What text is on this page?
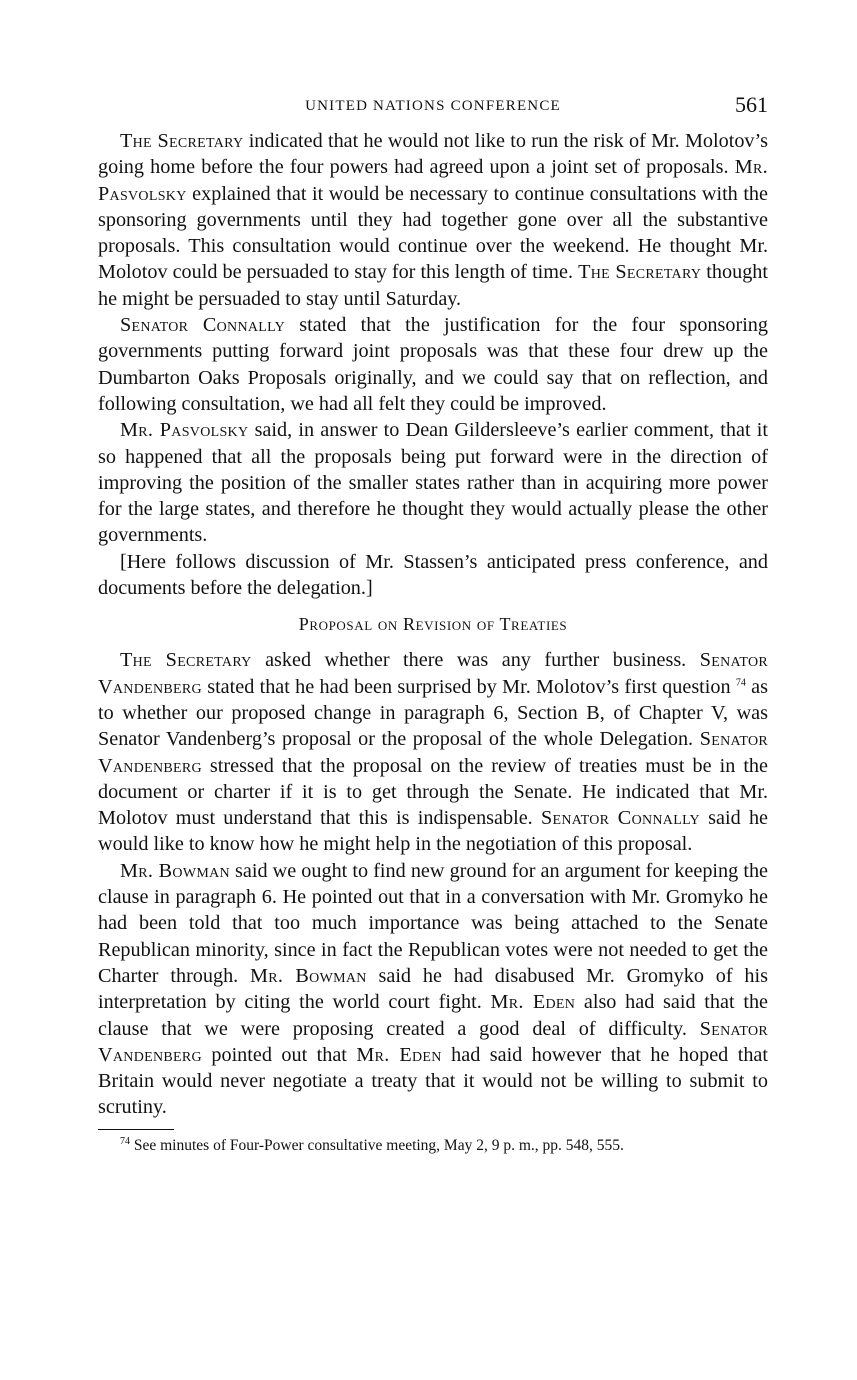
UNITED NATIONS CONFERENCE	561

The Secretary indicated that he would not like to run the risk of Mr. Molotov’s going home before the four powers had agreed upon a joint set of proposals. Mr. Pasvolsky explained that it would be necessary to continue consultations with the sponsoring governments until they had together gone over all the substantive proposals. This consultation would continue over the weekend. He thought Mr. Molotov could be persuaded to stay for this length of time. The Secretary thought he might be persuaded to stay until Saturday.

Senator Connally stated that the justification for the four sponsoring governments putting forward joint proposals was that these four drew up the Dumbarton Oaks Proposals originally, and we could say that on reflection, and following consultation, we had all felt they could be improved.

Mr. Pasvolsky said, in answer to Dean Gildersleeve’s earlier comment, that it so happened that all the proposals being put forward were in the direction of improving the position of the smaller states rather than in acquiring more power for the large states, and therefore he thought they would actually please the other governments.

[Here follows discussion of Mr. Stassen’s anticipated press conference, and documents before the delegation.]

Proposal on Revision of Treaties

The Secretary asked whether there was any further business. Senator Vandenberg stated that he had been surprised by Mr. Molotov’s first question $^{74}$ as to whether our proposed change in paragraph 6, Section B, of Chapter V, was Senator Vandenberg’s proposal or the proposal of the whole Delegation. Senator Vandenberg stressed that the proposal on the review of treaties must be in the document or charter if it is to get through the Senate. He indicated that Mr. Molotov must understand that this is indispensable. Senator Connally said he would like to know how he might help in the negotiation of this proposal.

Mr. Bowman said we ought to find new ground for an argument for keeping the clause in paragraph 6. He pointed out that in a conversation with Mr. Gromyko he had been told that too much importance was being attached to the Senate Republican minority, since in fact the Republican votes were not needed to get the Charter through. Mr. Bowman said he had disabused Mr. Gromyko of his interpretation by citing the world court fight. Mr. Eden also had said that the clause that we were proposing created a good deal of difficulty. Senator Vandenberg pointed out that Mr. Eden had said however that he hoped that Britain would never negotiate a treaty that it would not be willing to submit to scrutiny.

$^{74}$ See minutes of Four-Power consultative meeting, May 2, 9 p. m., pp. 548, 555.
